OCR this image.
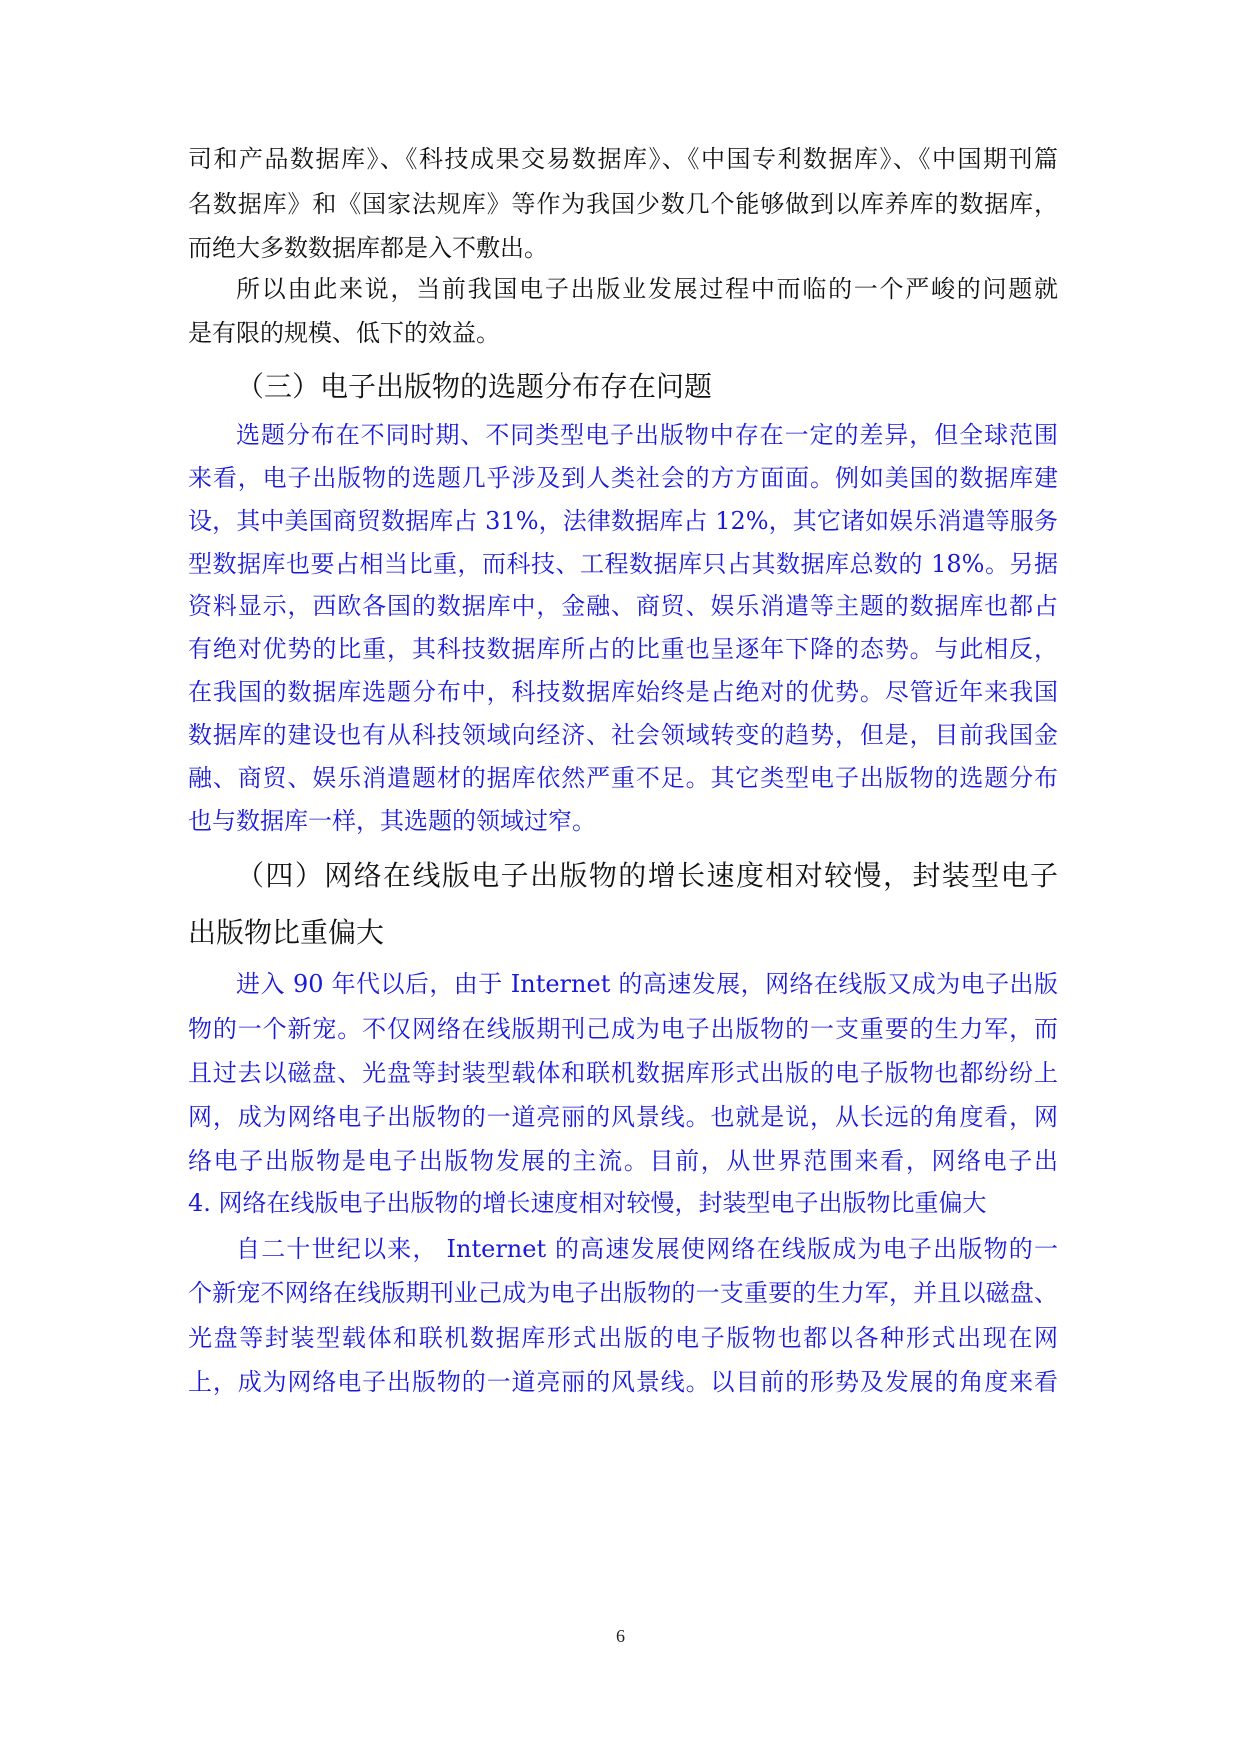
司和产品数据库》、《科技成果交易数据库》、《中国专利数据库》、《中国期刊篇
名数据库》和《国家法规库》等作为我国少数几个能够做到以库养库的数据库，
而绝大多数数据库都是入不敷出。
所以由此来说，当前我国电子出版业发展过程中而临的一个严峻的问题就
是有限的规模、低下的效益。
（三）电子出版物的选题分布存在问题
选题分布在不同时期、不同类型电子出版物中存在一定的差异，但全球范围
来看，电子出版物的选题几乎涉及到人类社会的方方面面。例如美国的数据库建
设，其中美国商贸数据库占 31%，法律数据库占 12%，其它诸如娱乐消遣等服务
型数据库也要占相当比重，而科技、工程数据库只占其数据库总数的 18%。另据
资料显示，西欧各国的数据库中，金融、商贸、娱乐消遣等主题的数据库也都占
有绝对优势的比重，其科技数据库所占的比重也呈逐年下降的态势。与此相反，
在我国的数据库选题分布中，科技数据库始终是占绝对的优势。尽管近年来我国
数据库的建设也有从科技领域向经济、社会领域转变的趋势，但是，目前我国金
融、商贸、娱乐消遣题材的据库依然严重不足。其它类型电子出版物的选题分布
也与数据库一样，其选题的领域过窄。
（四）网络在线版电子出版物的增长速度相对较慢，封装型电子
出版物比重偏大
进入 90 年代以后，由于 Internet 的高速发展，网络在线版又成为电子出版
物的一个新宠。不仅网络在线版期刊己成为电子出版物的一支重要的生力军，而
且过去以磁盘、光盘等封装型载体和联机数据库形式出版的电子版物也都纷纷上
网，成为网络电子出版物的一道亮丽的风景线。也就是说，从长远的角度看，网
络电子出版物是电子出版物发展的主流。目前，从世界范围来看，网络电子出
4. 网络在线版电子出版物的增长速度相对较慢，封装型电子出版物比重偏大
自二十世纪以来， Internet 的高速发展使网络在线版成为电子出版物的一
个新宠不网络在线版期刊业己成为电子出版物的一支重要的生力军，并且以磁盘、
光盘等封装型载体和联机数据库形式出版的电子版物也都以各种形式出现在网
上，成为网络电子出版物的一道亮丽的风景线。以目前的形势及发展的角度来看
6
